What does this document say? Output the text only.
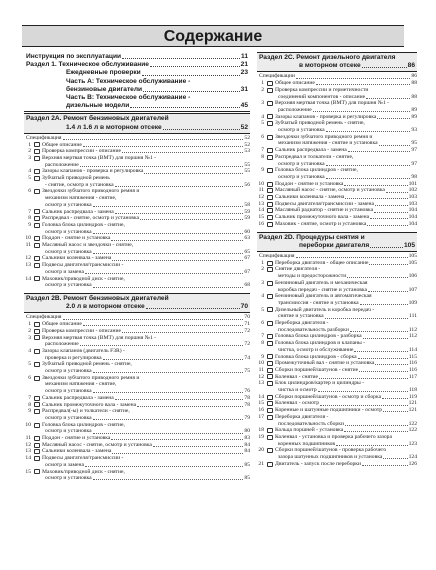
Содержание
Инструкция по эксплуатации	11
Раздел 1. Техническое обслуживание	21
Ежедневные проверки	23
Часть А: Техническое обслуживание -
бензиновые двигатели	31
Часть В: Техническое обслуживание -
дизельные модели	45
Раздел 2А. Ремонт бензиновых двигателей
1.4 л 1.6 л в моторном отсеке	52
Спецификация	52
1	Общее описание	52
2	Проверка компрессии - описание	53
3	Верхняя мертвая точка (ВМТ) для поршня №1 -
расположение	55
4	Зазоры клапанов - проверка и регулировка	55
5	Зубчатый приводной ремень
- снятие, осмотр и установка	56
6	Звездочки зубчатого приводного ремня и
механизм натяжения - снятие,
осмотр и установка	58
7	Сальник распредвала - замена	59
8	Распредвал - снятие, осмотр и установка	59
9	Головка блока цилиндров - снятие,
осмотр и установка	60
10	Поддон - снятие и установка	63
11	Масляный насос и звездочки - снятие,
осмотр и установка	65
12	Сальники коленвала - замена	67
13	Подвесы двигателя/трансмиссии -
осмотр и замена	67
14	Маховик/приводной диск - снятие,
осмотр и установка	68
Раздел 2В. Ремонт бензиновых двигателей
2.0 л в моторном отсеке	70
Спецификация	70
1	Общее описание	71
2	Проверка компрессии - описание	72
3	Верхняя мертвая точка (ВМТ) для поршня №1 -
расположение	72
4	Зазоры клапанов (двигатель F3R) -
проверка и регулировка	74
5	Зубчатый приводной ремень - снятие,
осмотр и установка	75
6	Звездочки зубчатого приводного ремня и
механизм натяжения - снятие,
осмотр и установка	76
7	Сальник распредвала - замена	78
8	Сальник промежуточного вала - замена	78
9	Распредвал(-ы) и толкатели - снятие,
осмотр и установка	79
10	Головка блока цилиндров - снятие,
осмотр и установка	80
11	Поддон - снятие и установка	83
12	Масляный насос - снятие, осмотр и установка	84
13	Сальники коленвала - замена	84
14	Подвесы двигателя/трансмиссии -
осмотр и замена	85
15	Маховик/приводной диск - снятие,
осмотр и установка	85
Раздел 2С. Ремонт дизельного двигателя
в моторном отсеке	86
Спецификации	86
1	Общее описание	88
2	Проверка компрессии и герметичности
соединений компонентов - описание	88
3	Верхняя мертвая точка (ВМТ) для поршня №1 -
расположение	89
4	Зазоры клапанов - проверка и регулировка	89
5	Зубчатый приводной ремень - снятие,
осмотр и установка	93
6	Звездочки зубчатого приводного ремня и
механизм натяжения - снятие и установка	95
7	Сальник распредвала - замена	97
8	Распредвал и толкатели - снятие,
осмотр и установка	97
9	Головка блока цилиндров - снятие,
осмотр и установка	98
10	Поддон - снятие и установка	101
11	Масляный насос - снятие, осмотр и установка	102
12	Сальники коленвала - замена	103
13	Подвесы двигателя/трансмиссии - замена	103
14	Масляный радиатор - снятие и установка	104
15	Сальник промежуточного вала - замена	104
16	Маховик - снятие, осмотр и установка	104
Раздел 2D. Процедуры снятия и
переборки двигателя	105
Спецификация	105
1	Переборка двигателя - общее описание	105
2	Снятие двигателя -
методы и предосторожности	106
3	Бензиновый двигатель и механическая
коробка передач - снятие и установка	107
4	Бензиновый двигатель и автоматическая
трансмиссия - снятие и установка	109
5	Дизельный двигатель и коробка передач -
снятие и установка	111
6	Переборка двигателя -
последовательность разборки	112
7	Головка блока цилиндров - разборка	112
8	Головка блока цилиндров и клапаны -
чистка, осмотр и обслуживание	114
9	Головка блока цилиндров - сборка	115
10	Промежуточный вал - снятие и установка	116
11	Сборки поршней/шатунов - снятие	116
12	Коленвал - снятие	117
13	Блок цилиндров/картер и цилиндры -
чистка и осмотр	118
14	Сборки поршней/шатунов - осмотр и сборка	119
15	Коленвал - осмотр	121
16	Коренные и шатунные подшипники - осмотр	121
17	Переборка двигателя -
последовательность сборки	122
18	Кольца поршней - установка	122
19	Коленвал - установка и проверка рабочего зазора
коренных подшипников	123
20	Сборки поршней/шатунов - проверка рабочего
зазора шатунных подшипников и установка	124
21	Двигатель - запуск после переборки	126
